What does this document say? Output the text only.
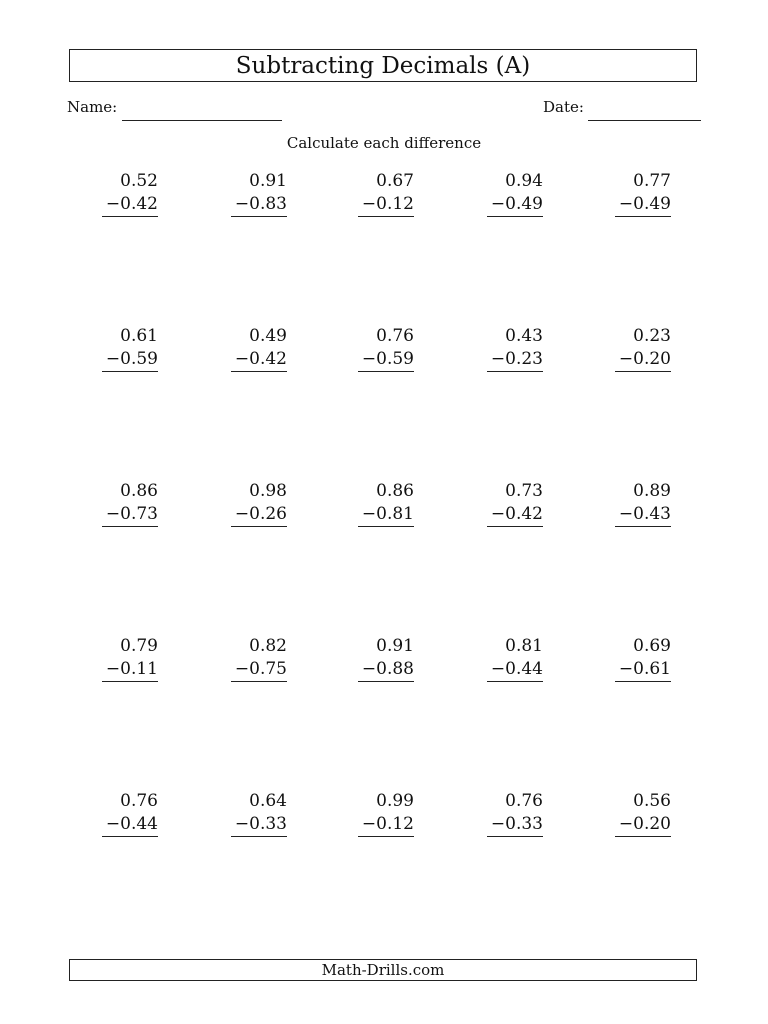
Subtracting Decimals (A)
Name:	Date:
Calculate each difference
0.52
−0.42
0.91
−0.83
0.67
−0.12
0.94
−0.49
0.77
−0.49
0.61
−0.59
0.49
−0.42
0.76
−0.59
0.43
−0.23
0.23
−0.20
0.86
−0.73
0.98
−0.26
0.86
−0.81
0.73
−0.42
0.89
−0.43
0.79
−0.11
0.82
−0.75
0.91
−0.88
0.81
−0.44
0.69
−0.61
0.76
−0.44
0.64
−0.33
0.99
−0.12
0.76
−0.33
0.56
−0.20
Math-Drills.com
